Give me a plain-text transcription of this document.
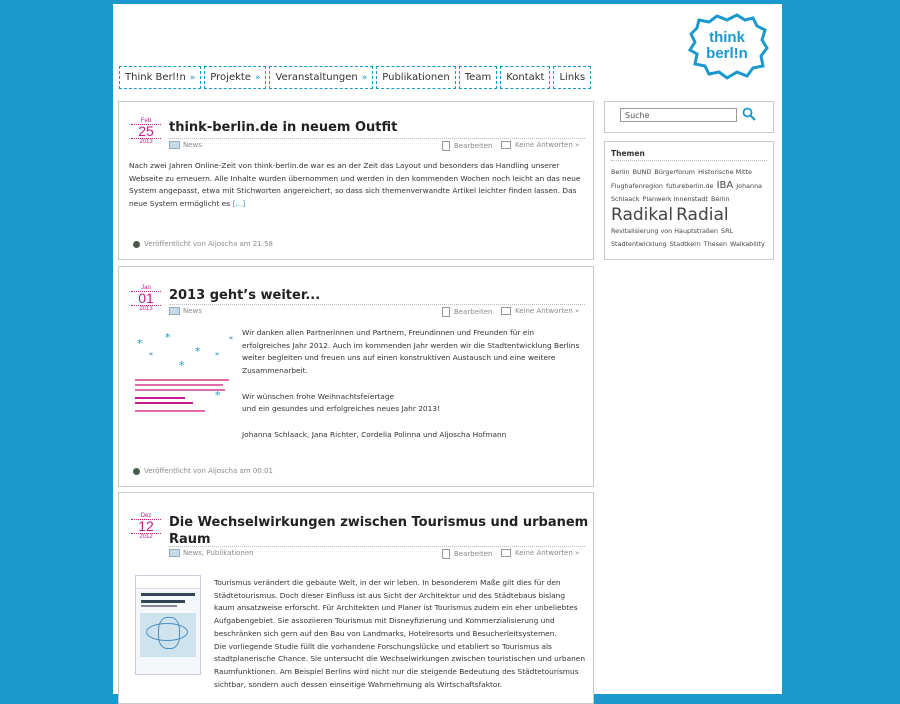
think
berl!n
Think Berl!n » Projekte » Veranstaltungen » Publikationen Team Kontakt Links
Feb
25
2013
think-berlin.de in neuem Outfit
News	Bearbeiten	Keine Antworten »
Nach zwei Jahren Online-Zeit von think-berlin.de war es an der Zeit das Layout und besonders das Handling unserer Webseite zu erneuern. Alle Inhalte wurden übernommen und werden in den kommenden Wochen noch leicht an das neue System angepasst, etwa mit Stichworten angereichert, so dass sich themenverwandte Artikel leichter finden lassen. Das neue System ermöglicht es [...]
Veröffentlicht von Aljoscha am 21:58
Jan
01
2013
2013 geht’s weiter...
News	Bearbeiten	Keine Antworten »
* *
*
*
*
*
*
*

Wir danken allen Partnerinnen und Partnern, Freundinnen und Freunden für ein erfolgreiches Jahr 2012. Auch im kommenden Jahr werden wir die Stadtentwicklung Berlins weiter begleiten und freuen uns auf einen konstruktiven Austausch und eine weitere Zusammenarbeit.

Wir wünschen frohe Weihnachtsfeiertage

und ein gesundes und erfolgreiches neues Jahr 2013!

Johanna Schlaack, Jana Richter, Cordelia Polinna und Aljoscha Hofmann

Veröffentlicht von Aljoscha am 00:01
Dez
12
2012
Die Wechselwirkungen zwischen Tourismus und urbanem Raum
News, Publikationen	Bearbeiten	Keine Antworten »

Tourismus verändert die gebaute Welt, in der wir leben. In besonderem Maße gilt dies für den Städtetourismus. Doch dieser Einfluss ist aus Sicht der Architektur und des Städtebaus bislang kaum ansatzweise erforscht. Für Architekten und Planer ist Tourismus zudem ein eher unbeliebtes Aufgabengebiet. Sie assoziieren Tourismus mit Disneyfizierung und Kommerzialisierung und beschränken sich gern auf den Bau von Landmarks, Hotelresorts und Besucherleitsystemen.

Die vorliegende Studie füllt die vorhandene Forschungslücke und etabliert so Tourismus als stadtplanerische Chance. Sie untersucht die Wechselwirkungen zwischen touristischen und urbanen Raumfunktionen. Am Beispiel Berlins wird nicht nur die steigende Bedeutung des Städtetourismus sichtbar, sondern auch dessen einseitige Wahrnehmung als Wirtschaftsfaktor.

Suche
Themen
Berlin BUND Bürgerforum Historische Mitte Flughafenregion futureberlin.de IBA Johanna Schlaack Planwerk Innenstadt Berlin Radikal Radial Revitalisierung von Hauptstraßen SRL Stadtentwicklung Stadtkern Thesen Walkability
